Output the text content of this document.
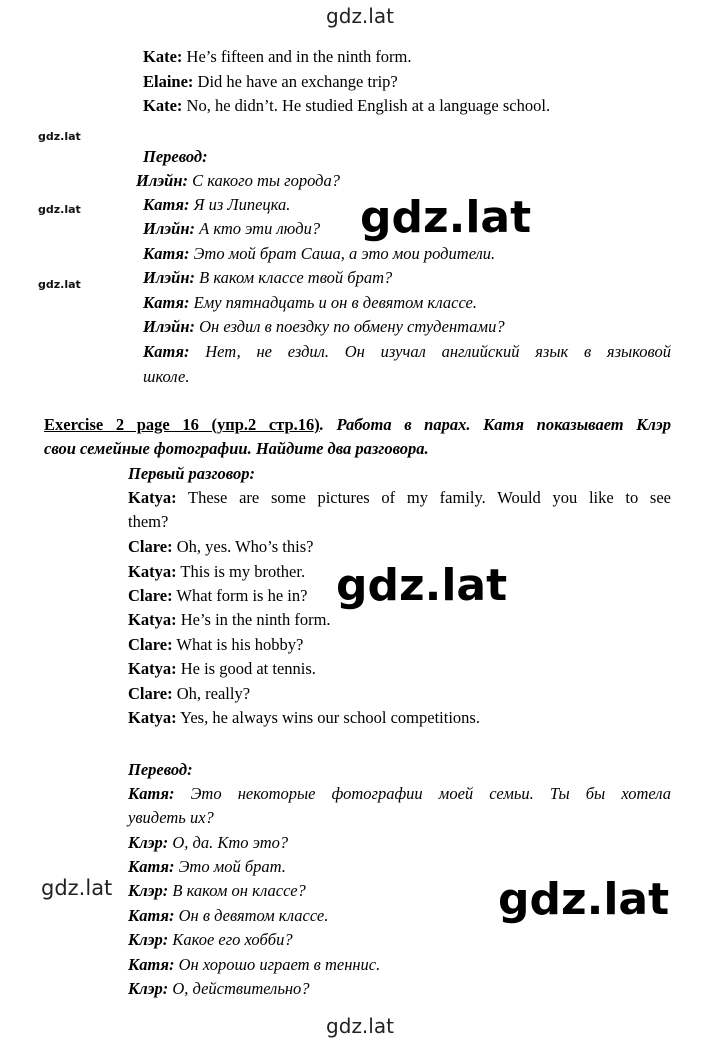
gdz.lat
gdz.lat
gdz.lat
gdz.lat
gdz.lat
gdz.lat
gdz.lat	gdz.lat
gdz.lat
Kate: He’s fifteen and in the ninth form.
Elaine: Did he have an exchange trip?
Kate: No, he didn’t. He studied English at a language school.
Перевод:
Илэйн: С какого ты города?
Катя: Я из Липецка.
Илэйн: А кто эти люди?
Катя: Это мой брат Саша, а это мои родители.
Илэйн: В каком классе твой брат?
Катя: Ему пятнадцать и он в девятом классе.
Илэйн: Он ездил в поездку по обмену студентами?
Катя: Нет, не ездил. Он изучал английский язык в языковой
школе.
Exercise 2 page 16 (упр.2 стр.16). Работа в парах. Катя показывает Клэр
свои семейные фотографии. Найдите два разговора.
Первый разговор:
Katya: These are some pictures of my family. Would you like to see
them?
Clare: Oh, yes. Who’s this?
Katya: This is my brother.
Clare: What form is he in?
Katya: He’s in the ninth form.
Clare: What is his hobby?
Katya: He is good at tennis.
Clare: Oh, really?
Katya: Yes, he always wins our school competitions.
Перевод:
Катя: Это некоторые фотографии моей семьи. Ты бы хотела
увидеть их?
Клэр: О, да. Кто это?
Катя: Это мой брат.
Клэр: В каком он классе?
Катя: Он в девятом классе.
Клэр: Какое его хобби?
Катя: Он хорошо играет в теннис.
Клэр: О, действительно?
